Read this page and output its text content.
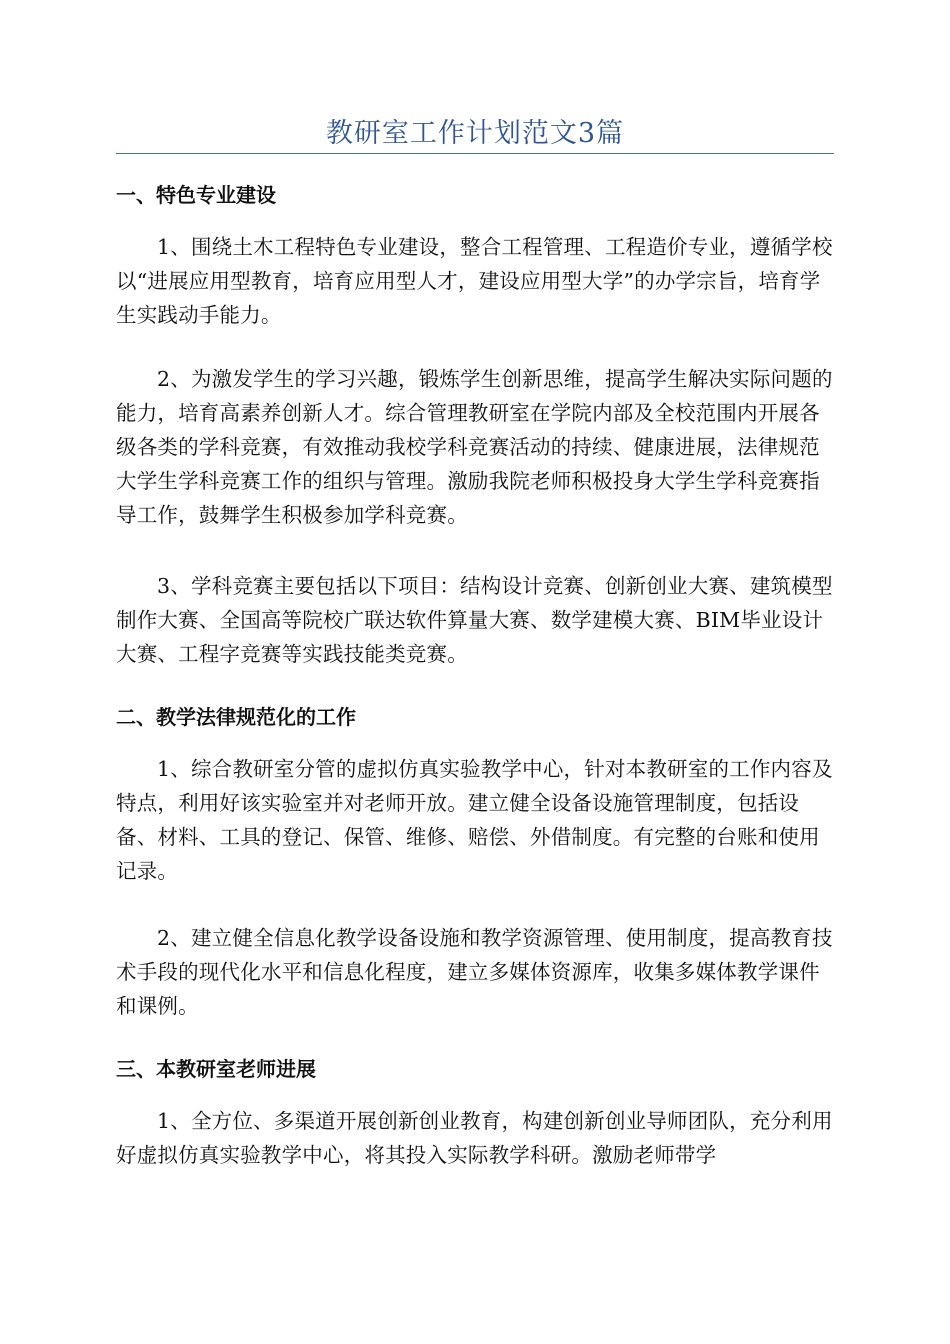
教研室工作计划范文3篇
一、特色专业建设

1、围绕土木工程特色专业建设，整合工程管理、工程造价专业，遵循学校以“进展应用型教育，培育应用型人才，建设应用型大学”的办学宗旨，培育学生实践动手能力。

2、为激发学生的学习兴趣，锻炼学生创新思维，提高学生解决实际问题的能力，培育高素养创新人才。综合管理教研室在学院内部及全校范围内开展各级各类的学科竞赛，有效推动我校学科竞赛活动的持续、健康进展，法律规范大学生学科竞赛工作的组织与管理。激励我院老师积极投身大学生学科竞赛指导工作，鼓舞学生积极参加学科竞赛。

3、学科竞赛主要包括以下项目：结构设计竞赛、创新创业大赛、建筑模型制作大赛、全国高等院校广联达软件算量大赛、数学建模大赛、BIM毕业设计大赛、工程字竞赛等实践技能类竞赛。

二、教学法律规范化的工作

1、综合教研室分管的虚拟仿真实验教学中心，针对本教研室的工作内容及特点，利用好该实验室并对老师开放。建立健全设备设施管理制度，包括设备、材料、工具的登记、保管、维修、赔偿、外借制度。有完整的台账和使用记录。

2、建立健全信息化教学设备设施和教学资源管理、使用制度，提高教育技术手段的现代化水平和信息化程度，建立多媒体资源库，收集多媒体教学课件和课例。

三、本教研室老师进展

1、全方位、多渠道开展创新创业教育，构建创新创业导师团队，充分利用好虚拟仿真实验教学中心，将其投入实际教学科研。激励老师带学
